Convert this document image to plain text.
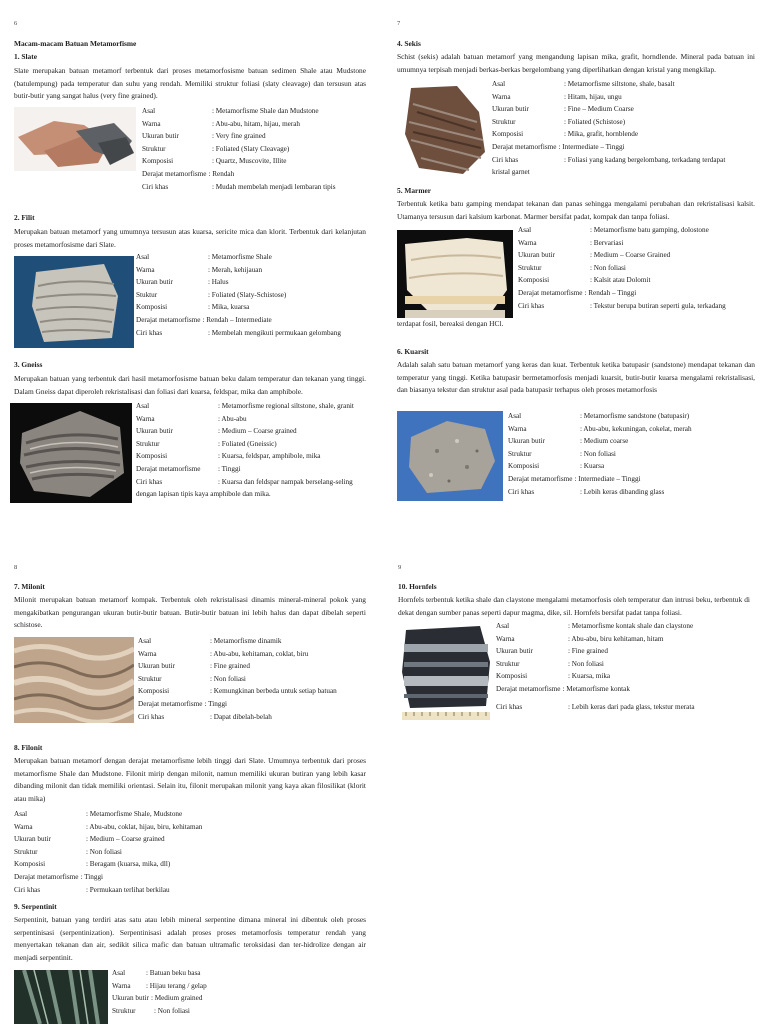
6
Macam-macam Batuan Metamorfisme
1. Slate
Slate merupakan batuan metamorf terbentuk dari proses metamorfosisme batuan sedimen Shale atau Mudstone (batulempung) pada temperatur dan suhu yang rendah. Memiliki struktur foliasi (slaty cleavage) dan tersusun atas butir-butir yang sangat halus (very fine grained).
Asal	: Metamorfisme Shale dan Mudstone
Warna	: Abu-abu, hitam, hijau, merah
Ukuran butir	: Very fine grained
Struktur	: Foliated (Slaty Cleavage)
Komposisi	: Quartz, Muscovite, Illite
Derajat metamorfisme : Rendah
Ciri khas	: Mudah membelah menjadi lembaran tipis
2. Filit
Merupakan batuan metamorf yang umumnya tersusun atas kuarsa, sericite mica dan klorit. Terbentuk dari kelanjutan proses metamorfosisme dari Slate.
Asal	: Metamorfisme Shale
Warna	: Merah, kehijauan
Ukuran butir	: Halus
Stuktur	: Foliated (Slaty-Schistose)
Komposisi	: Mika, kuarsa
Derajat metamorfisme : Rendah – Intermediate
Ciri khas	: Membelah mengikuti permukaan gelombang
3. Gneiss
Merupakan batuan yang terbentuk dari hasil metamorfosisme batuan beku dalam temperatur dan tekanan yang tinggi. Dalam Gneiss dapat diperoleh rekristalisasi dan foliasi dari kuarsa, feldspar, mika dan amphibole.
Asal	: Metamorfisme regional siltstone, shale, granit
Warna	: Abu-abu
Ukuran butir	: Medium – Coarse grained
Struktur	: Foliated (Gneissic)
Komposisi	: Kuarsa, feldspar, amphibole, mika
Derajat metamorfisme	: Tinggi
Ciri khas	: Kuarsa dan feldspar nampak berselang-seling
dengan lapisan tipis kaya amphibole dan mika.
7
4. Sekis
Schist (sekis) adalah batuan metamorf yang mengandung lapisan mika, grafit, horndlende. Mineral pada batuan ini umumnya terpisah menjadi berkas-berkas bergelombang yang diperlihatkan dengan kristal yang mengkilap.
Asal	: Metamorfisme siltstone, shale, basalt
Warna	: Hitam, hijau, ungu
Ukuran butir	: Fine – Medium Coarse
Struktur	: Foliated (Schistose)
Komposisi	: Mika, grafit, hornblende
Derajat metamorfisme : Intermediate – Tinggi
Ciri khas	: Foliasi yang kadang bergelombang, terkadang terdapat
kristal garnet
5. Marmer
Terbentuk ketika batu gamping mendapat tekanan dan panas sehingga mengalami perubahan dan rekristalisasi kalsit. Utamanya tersusun dari kalsium karbonat. Marmer bersifat padat, kompak dan tanpa foliasi.
Asal	: Metamorfisme batu gamping, dolostone
Warna	: Bervariasi
Ukuran butir	: Medium – Coarse Grained
Struktur	: Non foliasi
Komposisi	: Kalsit atau Dolomit
Derajat metamorfisme : Rendah – Tinggi
Ciri khas	: Tekstur berupa butiran seperti gula, terkadang
terdapat fosil, bereaksi dengan HCl.
6. Kuarsit
Adalah salah satu batuan metamorf yang keras dan kuat. Terbentuk ketika batupasir (sandstone) mendapat tekanan dan temperatur yang tinggi. Ketika batupasir bermetamorfosis menjadi kuarsit, butir-butir kuarsa mengalami rekristalisasi, dan biasanya tekstur dan struktur asal pada batupasir terhapus oleh proses metamorfosis
Asal	: Metamorfisme sandstone (batupasir)
Warna	: Abu-abu, kekuningan, cokelat, merah
Ukuran butir	: Medium coarse
Struktur	: Non foliasi
Komposisi	: Kuarsa
Derajat metamorfisme : Intermediate – Tinggi
Ciri khas	: Lebih keras dibanding glass
8
7. Milonit
Milonit merupakan batuan metamorf kompak. Terbentuk oleh rekristalisasi dinamis mineral-mineral pokok yang mengakibatkan pengurangan ukuran butir-butir batuan. Butir-butir batuan ini lebih halus dan dapat dibelah seperti schistose.
Asal	: Metamorfisme dinamik
Warna	: Abu-abu, kehitaman, coklat, biru
Ukuran butir	: Fine grained
Struktur	: Non foliasi
Komposisi	: Kemungkinan berbeda untuk setiap batuan
Derajat metamorfisme : Tinggi
Ciri khas	: Dapat dibelah-belah
8. Filonit
Merupakan batuan metamorf dengan derajat metamorfisme lebih tinggi dari Slate. Umumnya terbentuk dari proses metamorfisme Shale dan Mudstone. Filonit mirip dengan milonit, namun memiliki ukuran butiran yang lebih kasar dibanding milonit dan tidak memiliki orientasi. Selain itu, filonit merupakan milonit yang kaya akan filosilikat (klorit atau mika)
Asal	: Metamorfisme Shale, Mudstone
Warna	: Abu-abu, coklat, hijau, biru, kehitaman
Ukuran butir	: Medium – Coarse grained
Struktur	: Non foliasi
Komposisi	: Beragam (kuarsa, mika, dll)
Derajat metamorfisme : Tinggi
Ciri khas	: Permukaan terlihat berkilau
9. Serpentinit
Serpentinit, batuan yang terdiri atas satu atau lebih mineral serpentine dimana mineral ini dibentuk oleh proses serpentinisasi (serpentinization). Serpentinisasi adalah proses proses metamorfosis temperatur rendah yang menyertakan tekanan dan air, sedikit silica mafic dan batuan ultramafic teroksidasi dan ter-hidrolize dengan air menjadi serpentinit.
Asal	: Batuan beku basa
Warna	: Hijau terang / gelap
Ukuran butir : Medium grained
Struktur	: Non foliasi
9
10. Hornfels
Hornfels terbentuk ketika shale dan claystone mengalami metamorfosis oleh temperatur dan intrusi beku, terbentuk di dekat dengan sumber panas seperti dapur magma, dike, sil. Hornfels bersifat padat tanpa foliasi.
Asal	: Metamorfisme kontak shale dan claystone
Warna	: Abu-abu, biru kehitaman, hitam
Ukuran butir	: Fine grained
Struktur	: Non foliasi
Komposisi	: Kuarsa, mika
Derajat metamorfisme : Metamorfisme kontak
Ciri khas	: Lebih keras dari pada glass, tekstur merata
